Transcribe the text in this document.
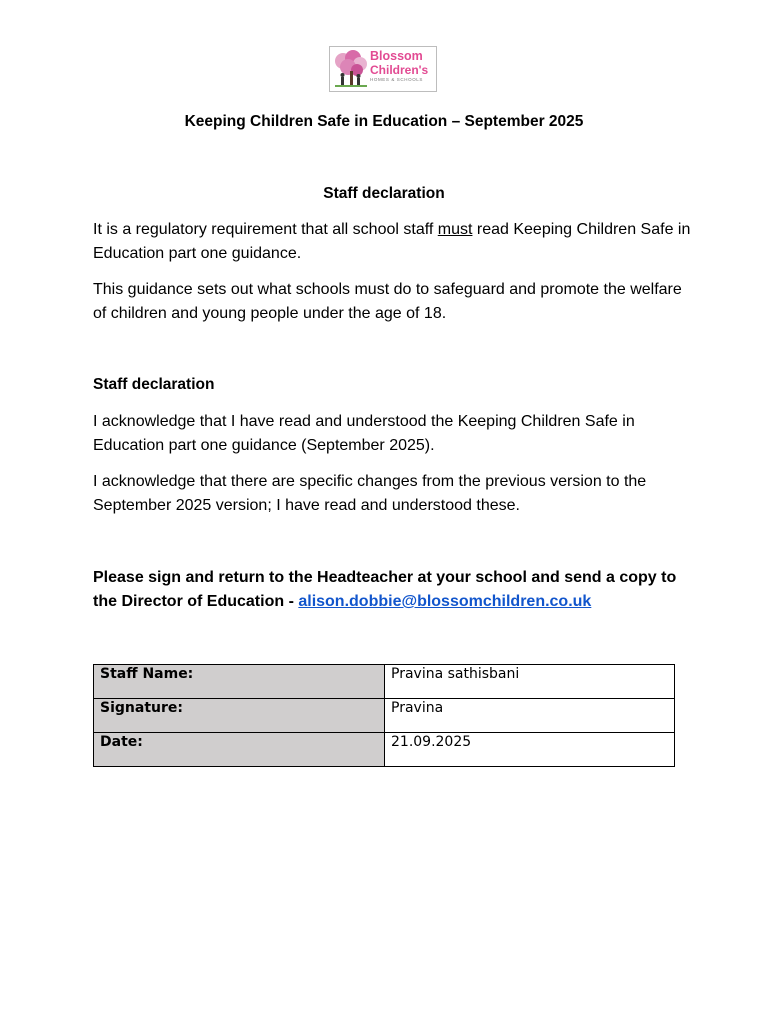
Blossom
Children's
HOMES & SCHOOLS
Keeping Children Safe in Education – September 2025
Staff declaration

It is a regulatory requirement that all school staff must read Keeping Children Safe in Education part one guidance.

This guidance sets out what schools must do to safeguard and promote the welfare of children and young people under the age of 18.

Staff declaration

I acknowledge that I have read and understood the Keeping Children Safe in Education part one guidance (September 2025).

I acknowledge that there are specific changes from the previous version to the September 2025 version; I have read and understood these.

Please sign and return to the Headteacher at your school and send a copy to the Director of Education - alison.dobbie@blossomchildren.co.uk

Staff Name:	Pravina sathisbani
Signature:	Pravina
Date:	21.09.2025
